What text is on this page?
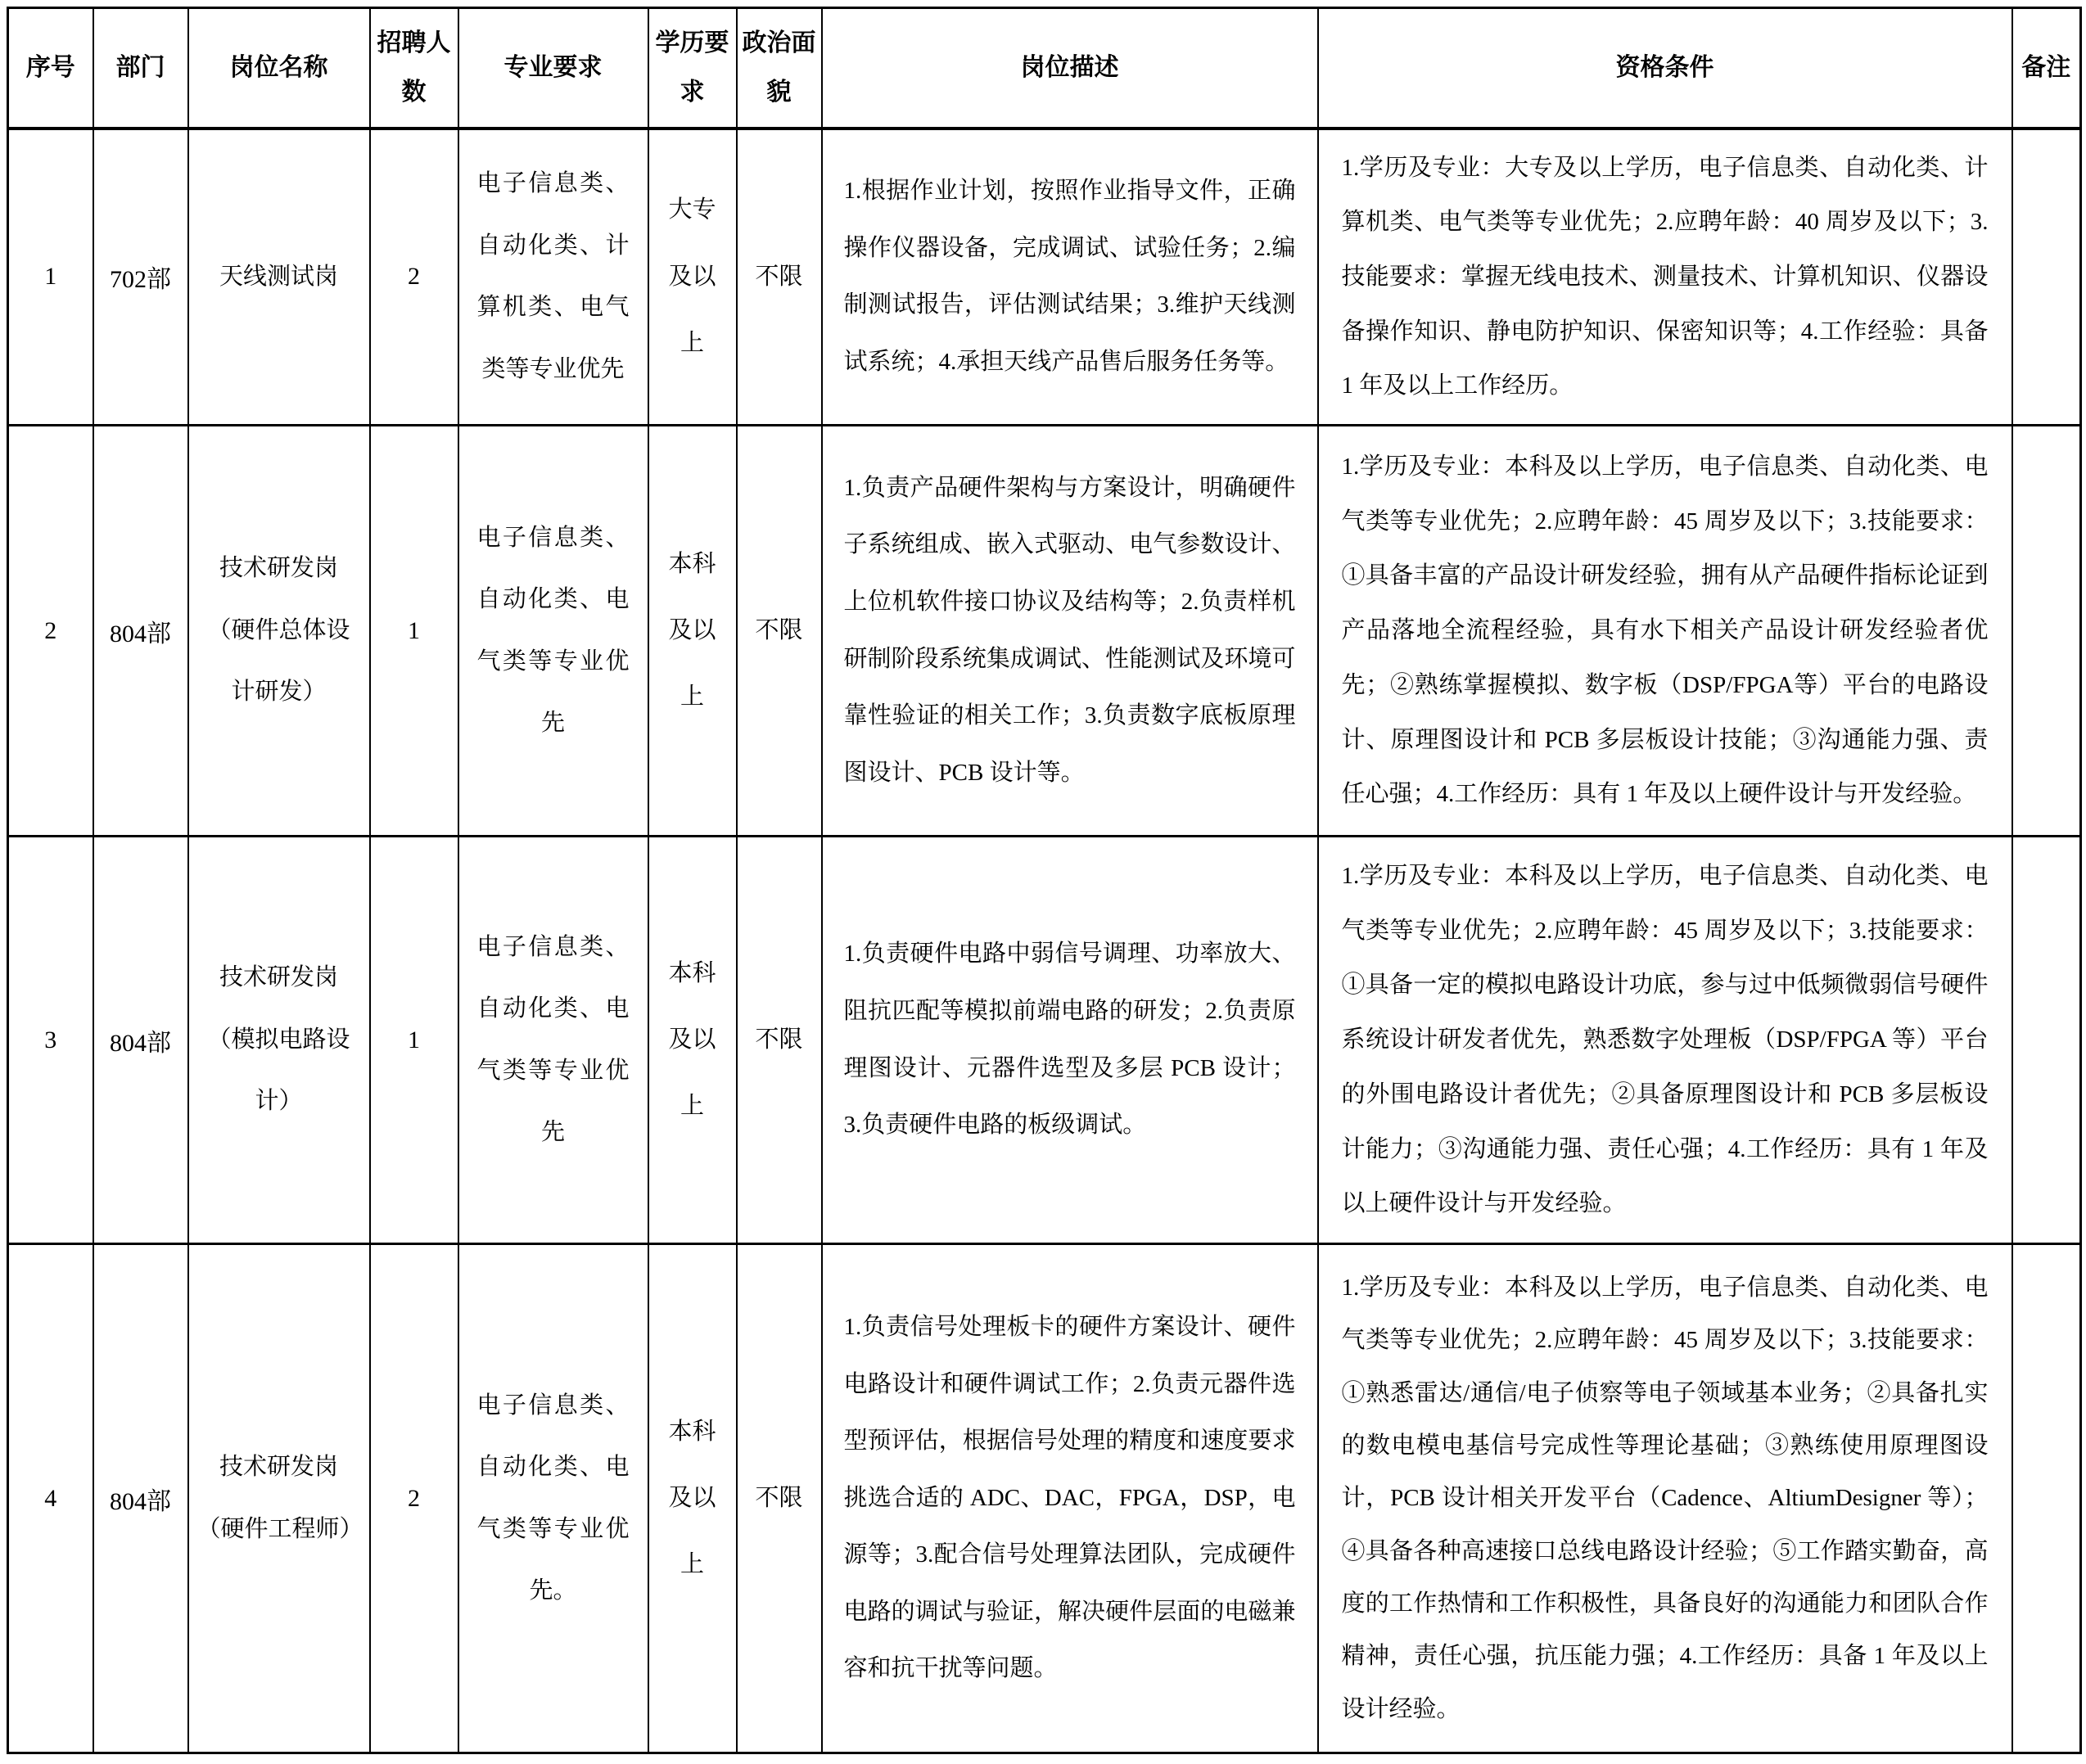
序号	部门	岗位名称	招聘人数	专业要求	学历要求	政治面貌	岗位描述	资格条件	备注
1	702部	天线测试岗	2	电子信息类、自动化类、计算机类、电气类等专业优先	大专及以上	不限	1.根据作业计划，按照作业指导文件，正确操作仪器设备，完成调试、试验任务；2.编制测试报告，评估测试结果；3.维护天线测试系统；4.承担天线产品售后服务任务等。	1.学历及专业：大专及以上学历，电子信息类、自动化类、计算机类、电气类等专业优先；2.应聘年龄：40 周岁及以下；3.技能要求：掌握无线电技术、测量技术、计算机知识、仪器设备操作知识、静电防护知识、保密知识等；4.工作经验：具备 1 年及以上工作经历。	
2	804部	技术研发岗（硬件总体设计研发）	1	电子信息类、自动化类、电气类等专业优先	本科及以上	不限	1.负责产品硬件架构与方案设计，明确硬件子系统组成、嵌入式驱动、电气参数设计、上位机软件接口协议及结构等；2.负责样机研制阶段系统集成调试、性能测试及环境可靠性验证的相关工作；3.负责数字底板原理图设计、PCB 设计等。	1.学历及专业：本科及以上学历，电子信息类、自动化类、电气类等专业优先；2.应聘年龄：45 周岁及以下；3.技能要求：①具备丰富的产品设计研发经验，拥有从产品硬件指标论证到产品落地全流程经验，具有水下相关产品设计研发经验者优先；②熟练掌握模拟、数字板（DSP/FPGA等）平台的电路设计、原理图设计和 PCB 多层板设计技能；③沟通能力强、责任心强；4.工作经历：具有 1 年及以上硬件设计与开发经验。	
3	804部	技术研发岗（模拟电路设计）	1	电子信息类、自动化类、电气类等专业优先	本科及以上	不限	1.负责硬件电路中弱信号调理、功率放大、阻抗匹配等模拟前端电路的研发；2.负责原理图设计、元器件选型及多层 PCB 设计；3.负责硬件电路的板级调试。	1.学历及专业：本科及以上学历，电子信息类、自动化类、电气类等专业优先；2.应聘年龄：45 周岁及以下；3.技能要求：①具备一定的模拟电路设计功底，参与过中低频微弱信号硬件系统设计研发者优先，熟悉数字处理板（DSP/FPGA 等）平台的外围电路设计者优先；②具备原理图设计和 PCB 多层板设计能力；③沟通能力强、责任心强；4.工作经历：具有 1 年及以上硬件设计与开发经验。	
4	804部	技术研发岗（硬件工程师）	2	电子信息类、自动化类、电气类等专业优先。	本科及以上	不限	1.负责信号处理板卡的硬件方案设计、硬件电路设计和硬件调试工作；2.负责元器件选型预评估，根据信号处理的精度和速度要求挑选合适的 ADC、DAC，FPGA，DSP，电源等；3.配合信号处理算法团队，完成硬件电路的调试与验证，解决硬件层面的电磁兼容和抗干扰等问题。	1.学历及专业：本科及以上学历，电子信息类、自动化类、电气类等专业优先；2.应聘年龄：45 周岁及以下；3.技能要求：①熟悉雷达/通信/电子侦察等电子领域基本业务；②具备扎实的数电模电基信号完成性等理论基础；③熟练使用原理图设计，PCB 设计相关开发平台（Cadence、AltiumDesigner 等）；④具备各种高速接口总线电路设计经验；⑤工作踏实勤奋，高度的工作热情和工作积极性，具备良好的沟通能力和团队合作精神，责任心强，抗压能力强；4.工作经历：具备 1 年及以上设计经验。	
